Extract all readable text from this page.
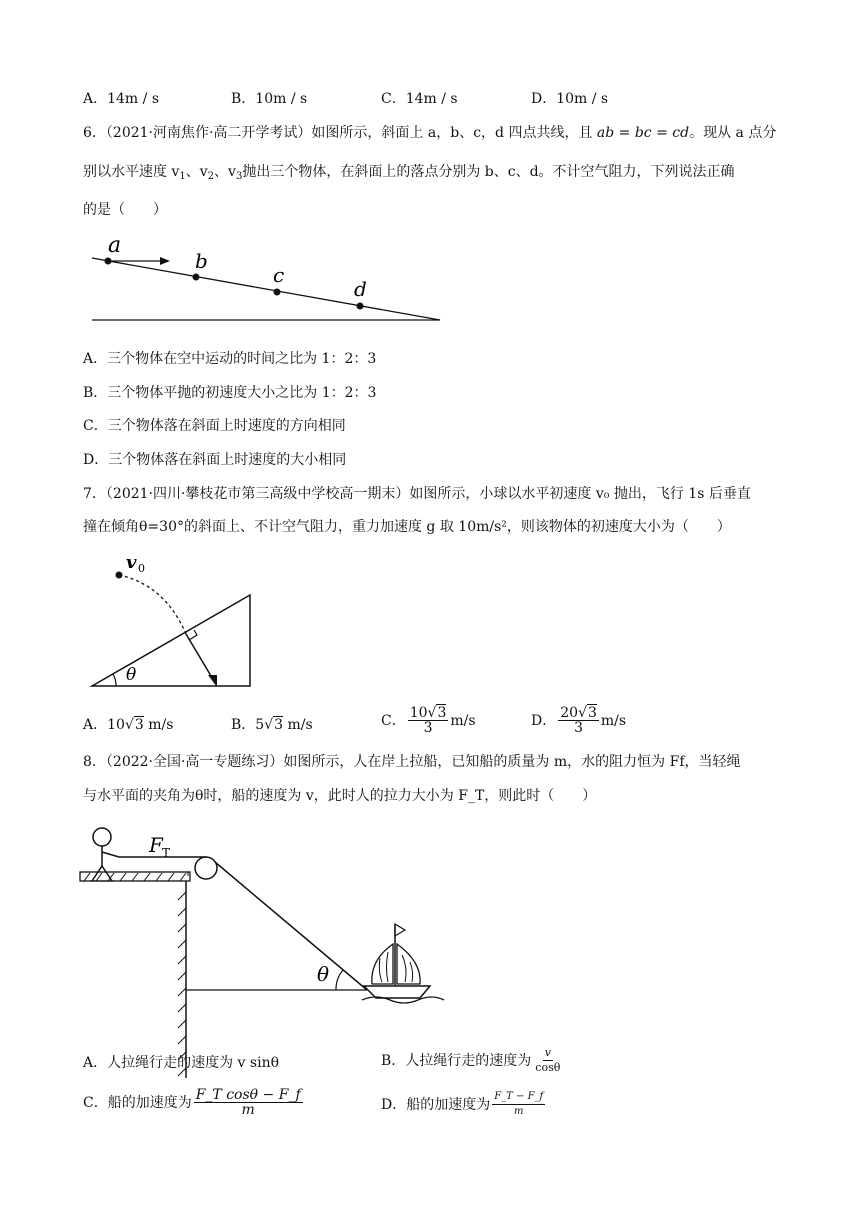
A．14m / s	B．10m / s	C．14m / s	D．10m / s
6．（2021·河南焦作·高二开学考试）如图所示，斜面上 a，b、c，d 四点共线，且 ab = bc = cd。现从 a 点分
别以水平速度 $v_1$、$v_2$、$v_3$抛出三个物体，在斜面上的落点分别为 b、c、d。不计空气阻力，下列说法正确
的是（　　）
a
b
c
d
A．三个物体在空中运动的时间之比为 1：2：3
B．三个物体平抛的初速度大小之比为 1：2：3
C．三个物体落在斜面上时速度的方向相同
D．三个物体落在斜面上时速度的大小相同
7．（2021·四川·攀枝花市第三高级中学校高一期末）如图所示，小球以水平初速度 v₀ 抛出，飞行 1s 后垂直
撞在倾角θ=30°的斜面上、不计空气阻力，重力加速度 g 取 10m/s²，则该物体的初速度大小为（　　）
v 0
θ
A．10√3 m/s	B．5√3 m/s	C． $\frac{10√3}{3} m/s$	D． $\frac{20√3}{3} m/s$
8．（2022·全国·高一专题练习）如图所示，人在岸上拉船，已知船的质量为 m，水的阻力恒为 Ff，当轻绳
与水平面的夹角为θ时，船的速度为 v，此时人的拉力大小为 F_T，则此时（　　）
F T
θ
A．人拉绳行走的速度为 v sinθ	B．人拉绳行走的速度为 $\frac{v}{\cos\theta}$
C．船的加速度为 $\frac{\text{F\_T cosθ − F\_f}}{m}$	D．船的加速度为 $\frac{F\_T - F\_f}{m}$
